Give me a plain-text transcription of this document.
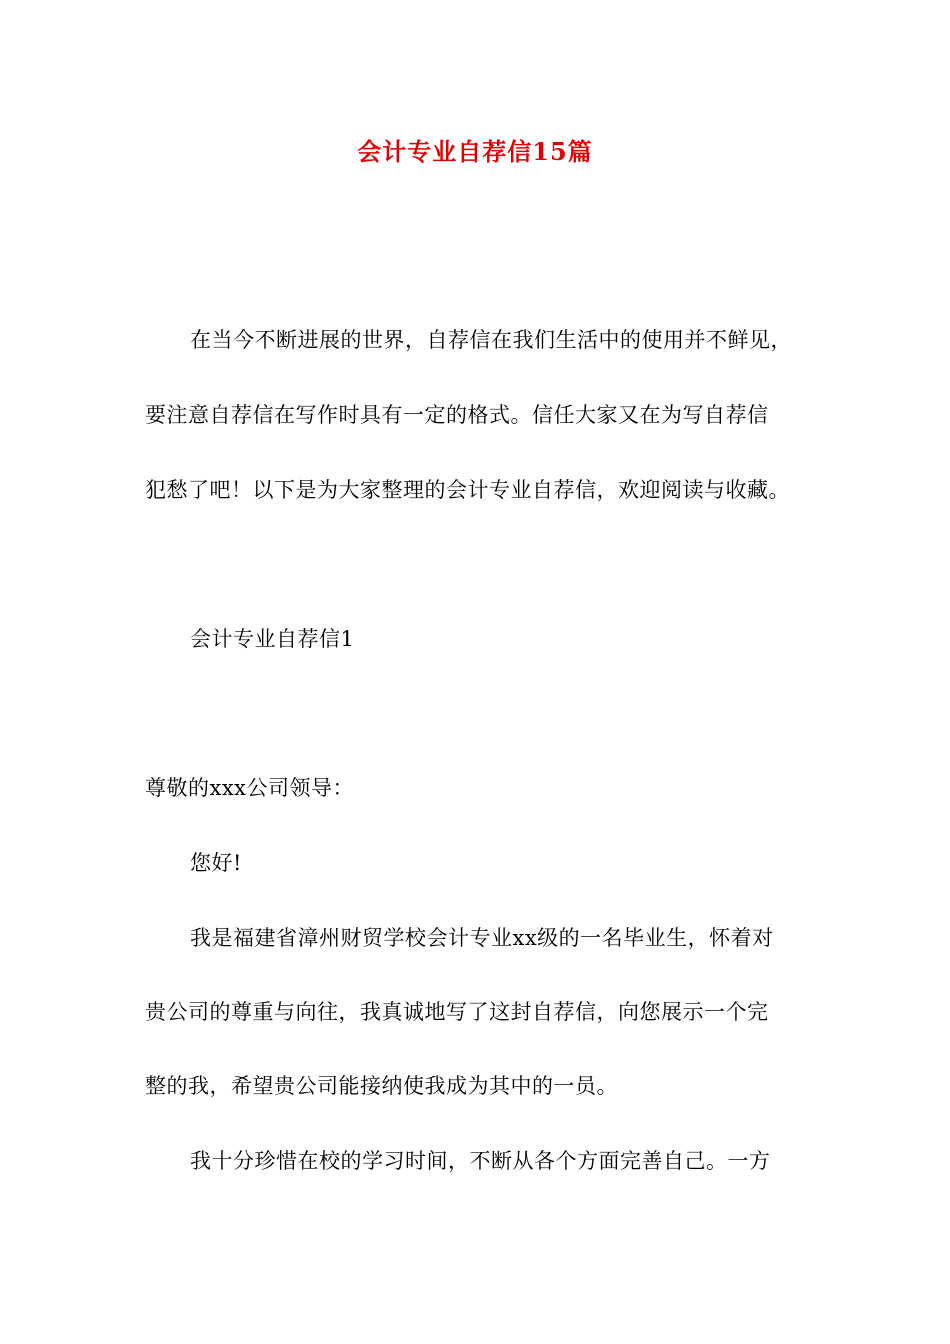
会计专业自荐信15篇
在当今不断进展的世界，自荐信在我们生活中的使用并不鲜见，
要注意自荐信在写作时具有一定的格式。信任大家又在为写自荐信
犯愁了吧！以下是为大家整理的会计专业自荐信，欢迎阅读与收藏。
会计专业自荐信1
尊敬的xxx公司领导：
您好!
我是福建省漳州财贸学校会计专业xx级的一名毕业生，怀着对
贵公司的尊重与向往，我真诚地写了这封自荐信，向您展示一个完
整的我，希望贵公司能接纳使我成为其中的一员。
我十分珍惜在校的学习时间，不断从各个方面完善自己。一方
